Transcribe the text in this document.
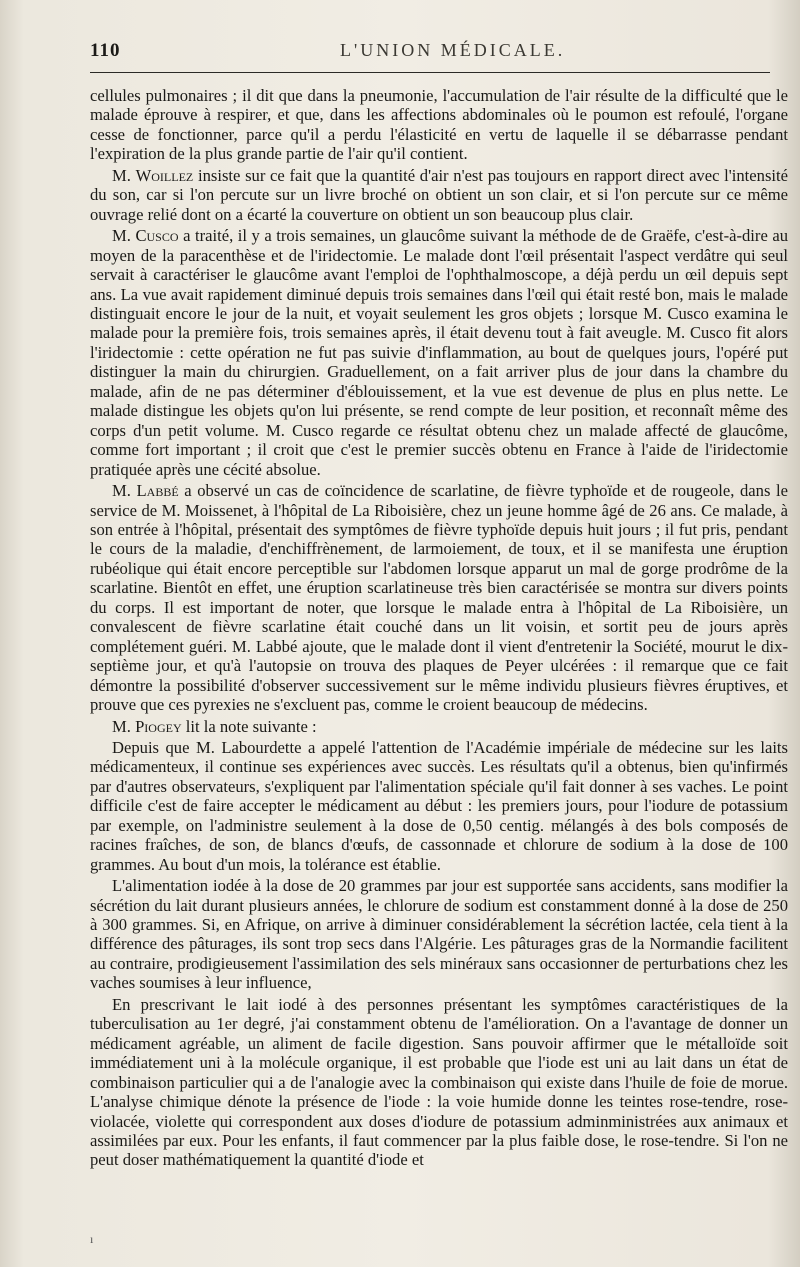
110	L'UNION MÉDICALE.

cellules pulmonaires ; il dit que dans la pneumonie, l'accumulation de l'air résulte de la difficulté que le malade éprouve à respirer, et que, dans les affections abdominales où le poumon est refoulé, l'organe cesse de fonctionner, parce qu'il a perdu l'élasticité en vertu de laquelle il se débarrasse pendant l'expiration de la plus grande partie de l'air qu'il contient.

M. Woillez insiste sur ce fait que la quantité d'air n'est pas toujours en rapport direct avec l'intensité du son, car si l'on percute sur un livre broché on obtient un son clair, et si l'on percute sur ce même ouvrage relié dont on a écarté la couverture on obtient un son beaucoup plus clair.

M. Cusco a traité, il y a trois semaines, un glaucôme suivant la méthode de de Graëfe, c'est-à-dire au moyen de la paracenthèse et de l'iridectomie. Le malade dont l'œil présentait l'aspect verdâtre qui seul servait à caractériser le glaucôme avant l'emploi de l'ophthalmoscope, a déjà perdu un œil depuis sept ans. La vue avait rapidement diminué depuis trois semaines dans l'œil qui était resté bon, mais le malade distinguait encore le jour de la nuit, et voyait seulement les gros objets ; lorsque M. Cusco examina le malade pour la première fois, trois semaines après, il était devenu tout à fait aveugle. M. Cusco fit alors l'iridectomie : cette opération ne fut pas suivie d'inflammation, au bout de quelques jours, l'opéré put distinguer la main du chirurgien. Graduellement, on a fait arriver plus de jour dans la chambre du malade, afin de ne pas déterminer d'éblouissement, et la vue est devenue de plus en plus nette. Le malade distingue les objets qu'on lui présente, se rend compte de leur position, et reconnaît même des corps d'un petit volume. M. Cusco regarde ce résultat obtenu chez un malade affecté de glaucôme, comme fort important ; il croit que c'est le premier succès obtenu en France à l'aide de l'iridectomie pratiquée après une cécité absolue.

M. Labbé a observé un cas de coïncidence de scarlatine, de fièvre typhoïde et de rougeole, dans le service de M. Moissenet, à l'hôpital de La Riboisière, chez un jeune homme âgé de 26 ans. Ce malade, à son entrée à l'hôpital, présentait des symptômes de fièvre typhoïde depuis huit jours ; il fut pris, pendant le cours de la maladie, d'enchiffrènement, de larmoiement, de toux, et il se manifesta une éruption rubéolique qui était encore perceptible sur l'abdomen lorsque apparut un mal de gorge prodrôme de la scarlatine. Bientôt en effet, une éruption scarlatineuse très bien caractérisée se montra sur divers points du corps. Il est important de noter, que lorsque le malade entra à l'hôpital de La Riboisière, un convalescent de fièvre scarlatine était couché dans un lit voisin, et sortit peu de jours après complétement guéri. M. Labbé ajoute, que le malade dont il vient d'entretenir la Société, mourut le dix-septième jour, et qu'à l'autopsie on trouva des plaques de Peyer ulcérées : il remarque que ce fait démontre la possibilité d'observer successivement sur le même individu plusieurs fièvres éruptives, et prouve que ces pyrexies ne s'excluent pas, comme le croient beaucoup de médecins.

M. Piogey lit la note suivante :

Depuis que M. Labourdette a appelé l'attention de l'Académie impériale de médecine sur les laits médicamenteux, il continue ses expériences avec succès. Les résultats qu'il a obtenus, bien qu'infirmés par d'autres observateurs, s'expliquent par l'alimentation spéciale qu'il fait donner à ses vaches. Le point difficile c'est de faire accepter le médicament au début : les premiers jours, pour l'iodure de potassium par exemple, on l'administre seulement à la dose de 0,50 centig. mélangés à des bols composés de racines fraîches, de son, de blancs d'œufs, de cassonnade et chlorure de sodium à la dose de 100 grammes. Au bout d'un mois, la tolérance est établie.

L'alimentation iodée à la dose de 20 grammes par jour est supportée sans accidents, sans modifier la sécrétion du lait durant plusieurs années, le chlorure de sodium est constamment donné à la dose de 250 à 300 grammes. Si, en Afrique, on arrive à diminuer considérablement la sécrétion lactée, cela tient à la différence des pâturages, ils sont trop secs dans l'Algérie. Les pâturages gras de la Normandie facilitent au contraire, prodigieusement l'assimilation des sels minéraux sans occasionner de perturbations chez les vaches soumises à leur influence,

En prescrivant le lait iodé à des personnes présentant les symptômes caractéristiques de la tuberculisation au 1er degré, j'ai constamment obtenu de l'amélioration. On a l'avantage de donner un médicament agréable, un aliment de facile digestion. Sans pouvoir affirmer que le métalloïde soit immédiatement uni à la molécule organique, il est probable que l'iode est uni au lait dans un état de combinaison particulier qui a de l'analogie avec la combinaison qui existe dans l'huile de foie de morue. L'analyse chimique dénote la présence de l'iode : la voie humide donne les teintes rose-tendre, rose-violacée, violette qui correspondent aux doses d'iodure de potassium adminministrées aux animaux et assimilées par eux. Pour les enfants, il faut commencer par la plus faible dose, le rose-tendre. Si l'on ne peut doser mathématiquement la quantité d'iode et

ı
